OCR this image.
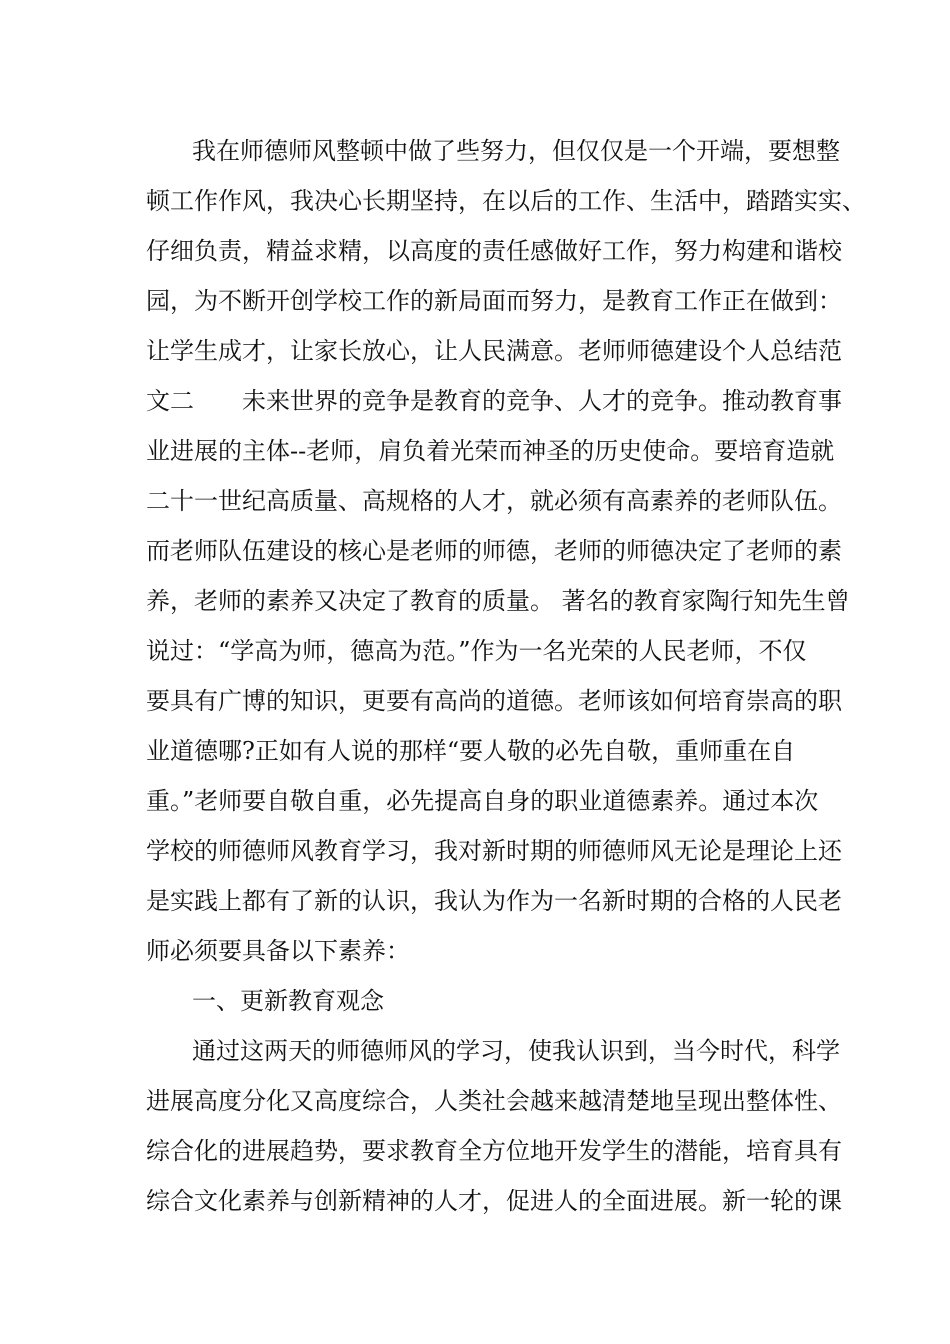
我在师德师风整顿中做了些努力，但仅仅是一个开端，要想整
顿工作作风，我决心长期坚持，在以后的工作、生活中，踏踏实实、
仔细负责，精益求精，以高度的责任感做好工作，努力构建和谐校
园，为不断开创学校工作的新局面而努力，是教育工作正在做到：
让学生成才，让家长放心，让人民满意。老师师德建设个人总结范
文二　　未来世界的竞争是教育的竞争、人才的竞争。推动教育事
业进展的主体--老师，肩负着光荣而神圣的历史使命。要培育造就
二十一世纪高质量、高规格的人才，就必须有高素养的老师队伍。
而老师队伍建设的核心是老师的师德，老师的师德决定了老师的素
养，老师的素养又决定了教育的质量。 著名的教育家陶行知先生曾
说过：“学高为师，德高为范。”作为一名光荣的人民老师，不仅
要具有广博的知识，更要有高尚的道德。老师该如何培育崇高的职
业道德哪?正如有人说的那样“要人敬的必先自敬，重师重在自
重。”老师要自敬自重，必先提高自身的职业道德素养。通过本次
学校的师德师风教育学习，我对新时期的师德师风无论是理论上还
是实践上都有了新的认识，我认为作为一名新时期的合格的人民老
师必须要具备以下素养：
一、更新教育观念
通过这两天的师德师风的学习，使我认识到，当今时代，科学
进展高度分化又高度综合，人类社会越来越清楚地呈现出整体性、
综合化的进展趋势，要求教育全方位地开发学生的潜能，培育具有
综合文化素养与创新精神的人才，促进人的全面进展。新一轮的课
